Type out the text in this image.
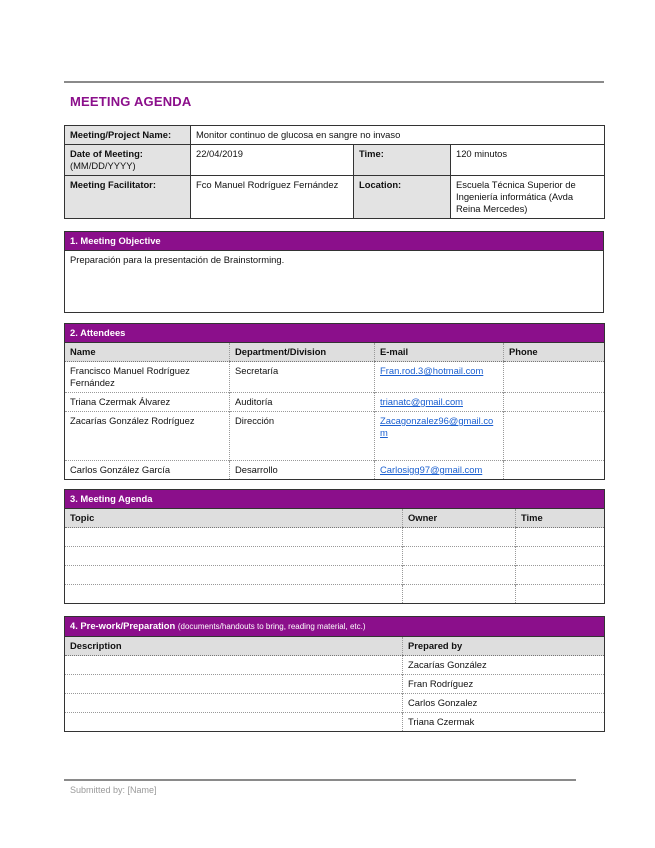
MEETING AGENDA
Meeting/Project Name:	Monitor continuo de glucosa en sangre no invaso		
Date of Meeting:
(MM/DD/YYYY)	22/04/2019	Time:	120 minutos
Meeting Facilitator:	Fco Manuel Rodríguez Fernández	Location:	Escuela Técnica Superior de Ingeniería informática (Avda Reina Mercedes)
1. Meeting Objective
Preparación para la presentación de Brainstorming.
2. Attendees			
Name	Department/Division	E-mail	Phone
Francisco Manuel Rodríguez Fernández	Secretaría	Fran.rod.3@hotmail.com	
Triana Czermak Álvarez	Auditoría	trianatc@gmail.com	
Zacarías González Rodríguez	Dirección	Zacagonzalez96@gmail.com	
Carlos González García	Desarrollo	Carlosigg97@gmail.com	
3. Meeting Agenda		
Topic	Owner	Time

4. Pre-work/Preparation (documents/handouts to bring, reading material, etc.)	
Description	Prepared by
	Zacarías González
	Fran Rodríguez
	Carlos Gonzalez
	Triana Czermak
Submitted by: [Name]
